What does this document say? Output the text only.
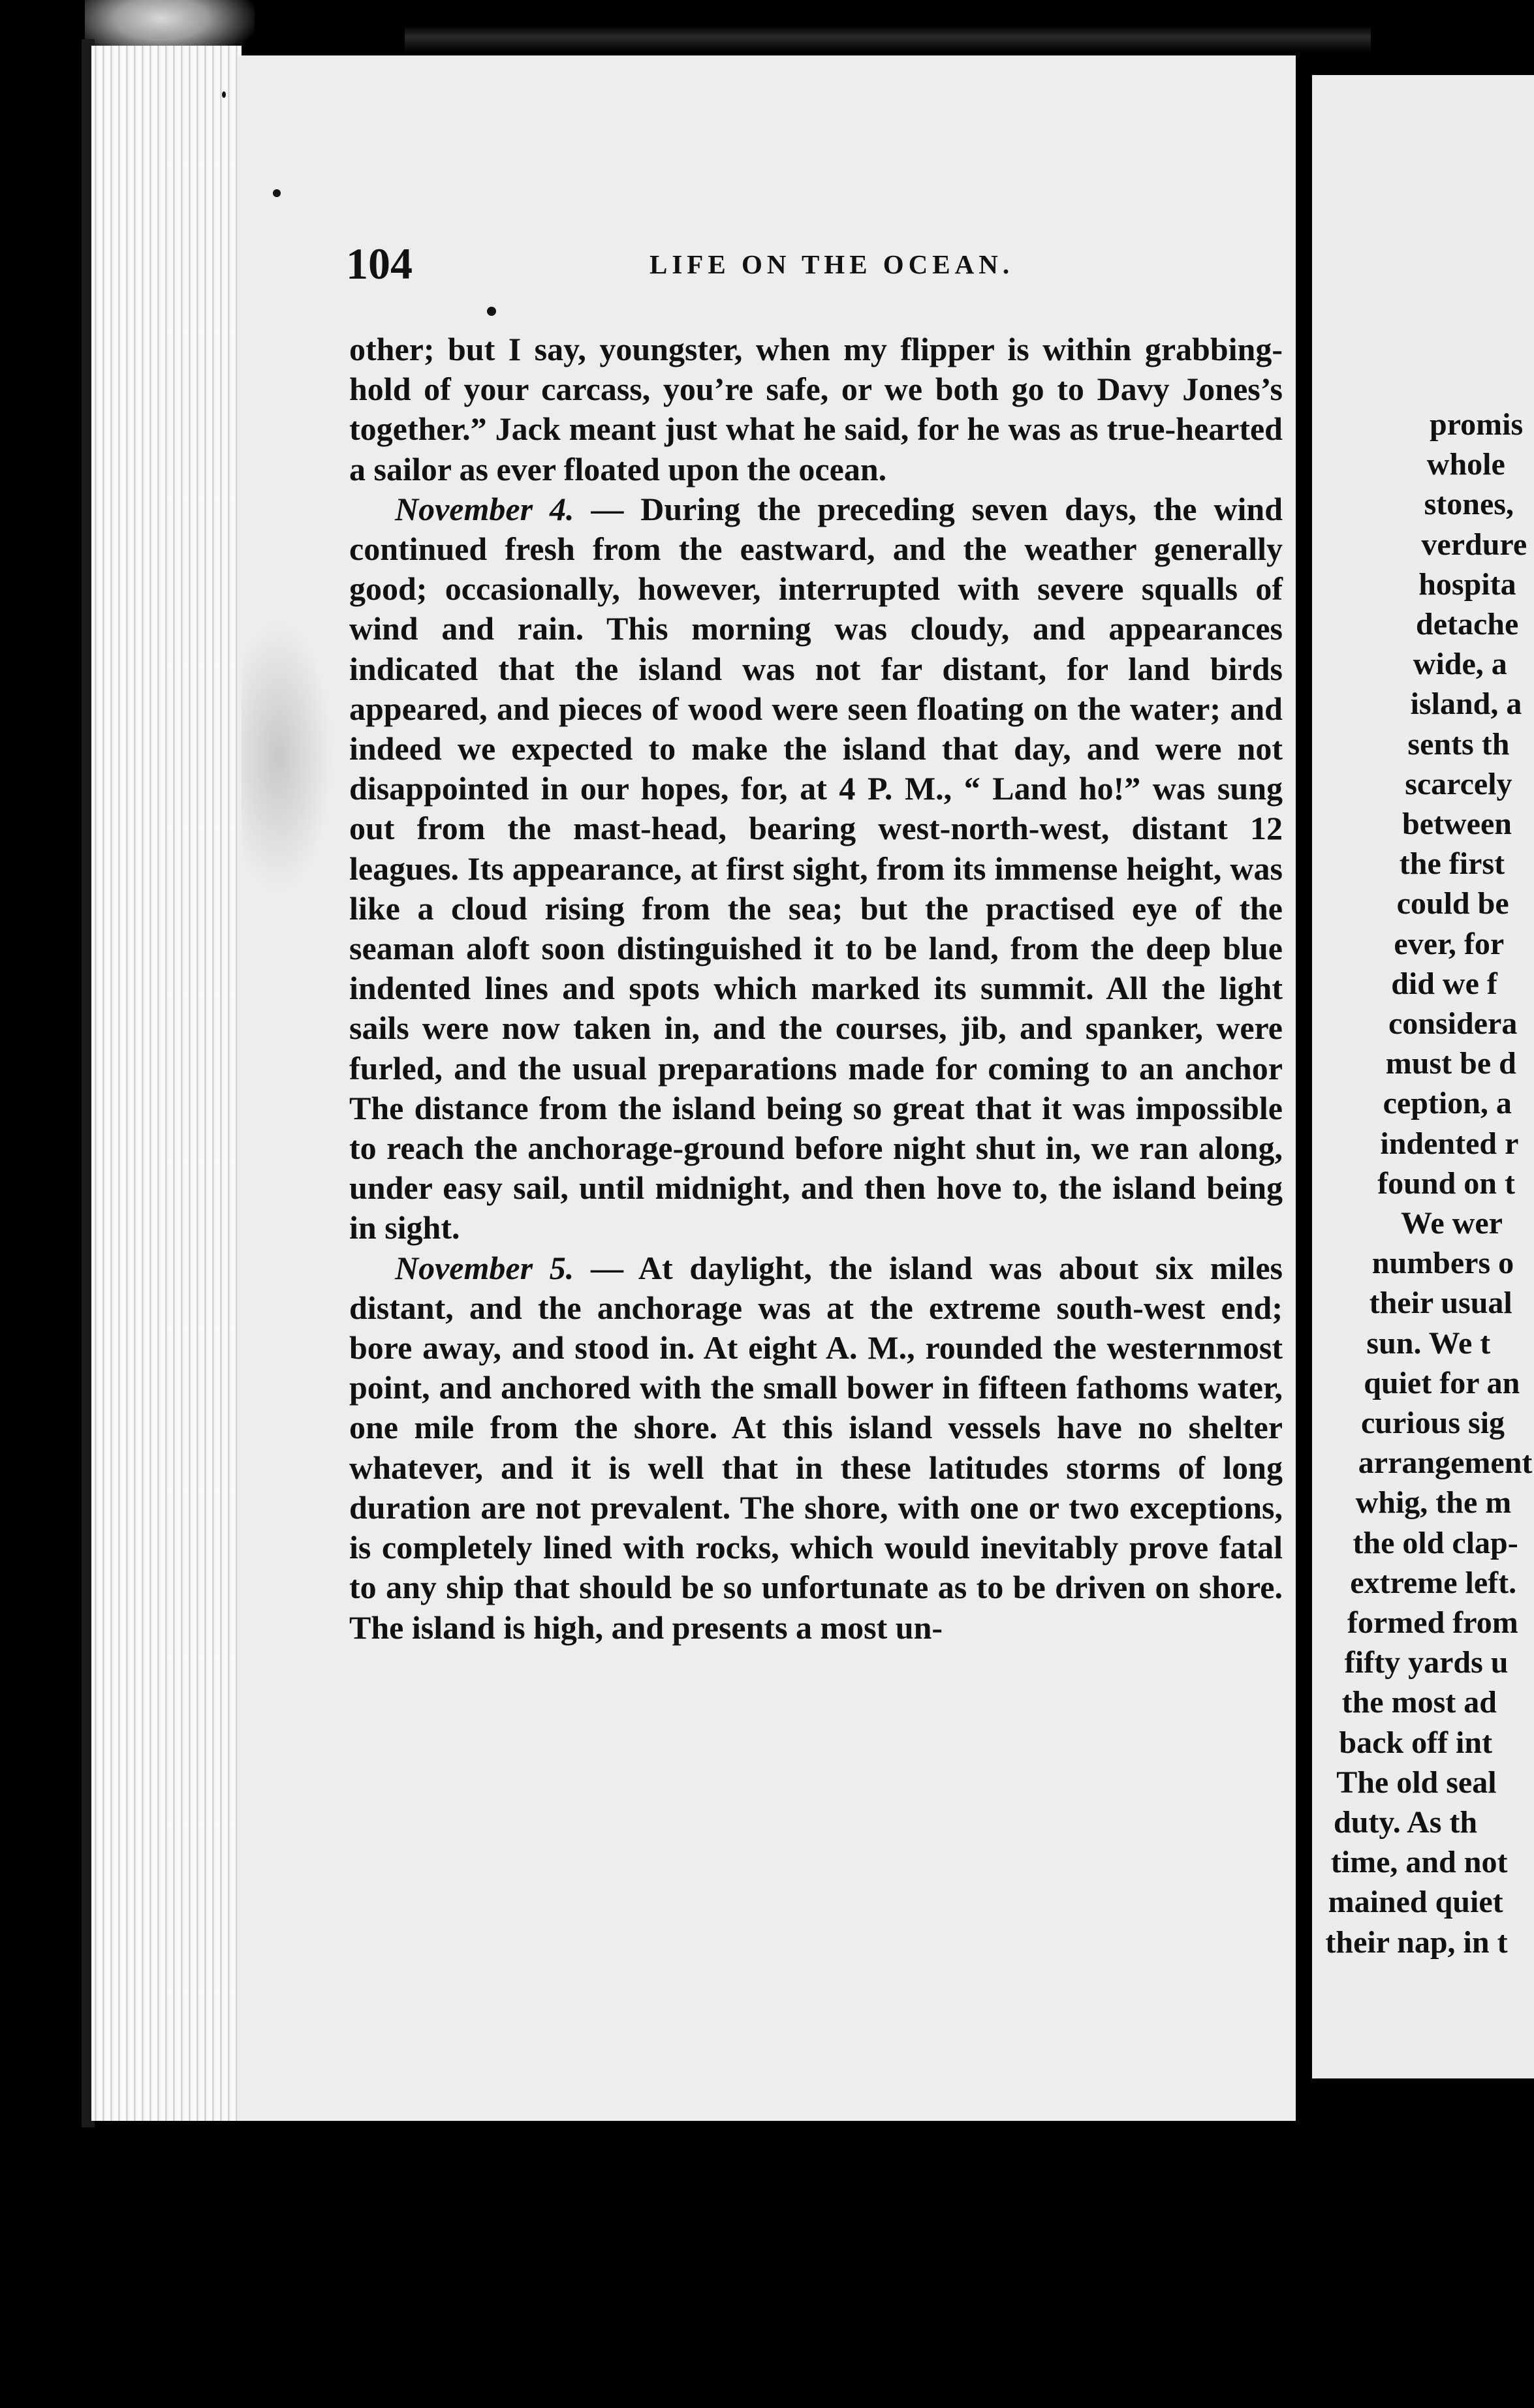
104	LIFE ON THE OCEAN.

other; but I say, youngster, when my flipper is within grabbing-hold of your carcass, you’re safe, or we both go to Davy Jones’s together.” Jack meant just what he said, for he was as true-hearted a sailor as ever floated upon the ocean.

November 4. — During the preceding seven days, the wind continued fresh from the eastward, and the weather generally good; occasionally, however, interrupted with severe squalls of wind and rain. This morning was cloudy, and appearances indicated that the island was not far distant, for land birds appeared, and pieces of wood were seen floating on the water; and indeed we expected to make the island that day, and were not disappointed in our hopes, for, at 4 P. M., “ Land ho!” was sung out from the mast-head, bearing west-north-west, distant 12 leagues. Its appearance, at first sight, from its immense height, was like a cloud rising from the sea; but the practised eye of the seaman aloft soon distinguished it to be land, from the deep blue indented lines and spots which marked its summit. All the light sails were now taken in, and the courses, jib, and spanker, were furled, and the usual preparations made for coming to an anchor The distance from the island being so great that it was impossible to reach the anchorage-ground before night shut in, we ran along, under easy sail, until midnight, and then hove to, the island being in sight.

November 5. — At daylight, the island was about six miles distant, and the anchorage was at the extreme south-west end; bore away, and stood in. At eight A. M., rounded the westernmost point, and anchored with the small bower in fifteen fathoms water, one mile from the shore. At this island vessels have no shelter whatever, and it is well that in these latitudes storms of long duration are not prevalent. The shore, with one or two exceptions, is completely lined with rocks, which would inevitably prove fatal to any ship that should be so unfortunate as to be driven on shore. The island is high, and presents a most un-

promis
whole
stones,
verdure
hospita
detache
wide, a
island, a
sents th
scarcely
between
the first
could be
ever, for
did we f
considera
must be d
ception, a
indented r
found on t
We wer
numbers o
their usual
sun. We t
quiet for an
curious sig
arrangement
whig, the m
the old clap-
extreme left.
formed from
fifty yards u
the most ad
back off int
The old seal
duty. As th
time, and not
mained quiet
their nap, in t
